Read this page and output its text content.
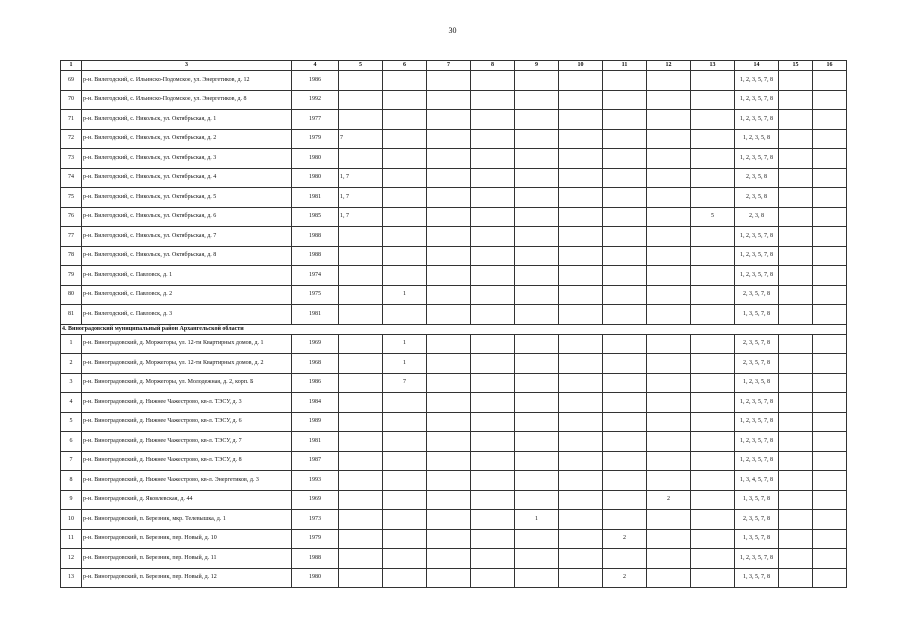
30
1	3	4	5	6	7	8	9	10	11	12	13	14	15	16
69	р-н. Вилегодский, с. Ильинско-Подомское, ул. Энергетиков, д. 12	1986										1, 2, 3, 5, 7, 8		
70	р-н. Вилегодский, с. Ильинско-Подомское, ул. Энергетиков, д. 8	1992										1, 2, 3, 5, 7, 8		
71	р-н. Вилегодский, с. Никольск, ул. Октябрьская, д. 1	1977										1, 2, 3, 5, 7, 8		
72	р-н. Вилегодский, с. Никольск, ул. Октябрьская, д. 2	1979	7									1, 2, 3, 5, 8		
73	р-н. Вилегодский, с. Никольск, ул. Октябрьская, д. 3	1980										1, 2, 3, 5, 7, 8		
74	р-н. Вилегодский, с. Никольск, ул. Октябрьская, д. 4	1980	1, 7									2, 3, 5, 8		
75	р-н. Вилегодский, с. Никольск, ул. Октябрьская, д. 5	1981	1, 7									2, 3, 5, 8		
76	р-н. Вилегодский, с. Никольск, ул. Октябрьская, д. 6	1985	1, 7								5	2, 3, 8		
77	р-н. Вилегодский, с. Никольск, ул. Октябрьская, д. 7	1988										1, 2, 3, 5, 7, 8		
78	р-н. Вилегодский, с. Никольск, ул. Октябрьская, д. 8	1988										1, 2, 3, 5, 7, 8		
79	р-н. Вилегодский, с. Павловск, д. 1	1974										1, 2, 3, 5, 7, 8		
80	р-н. Вилегодский, с. Павловск, д. 2	1975		1								2, 3, 5, 7, 8		
81	р-н. Вилегодский, с. Павловск, д. 3	1981										1, 3, 5, 7, 8		
4. Виноградовский муниципальный район Архангельской области														
1	р-н. Виноградовский, д. Моржегоры, ул. 12-ти Квартирных домов, д. 1	1969		1								2, 3, 5, 7, 8		
2	р-н. Виноградовский, д. Моржегоры, ул. 12-ти Квартирных домов, д. 2	1968		1								2, 3, 5, 7, 8		
3	р-н. Виноградовский, д. Моржегоры, ул. Молодежная, д. 2, корп. Б	1986		7								1, 2, 3, 5, 8		
4	р-н. Виноградовский, д. Нижнее Чажестрово, кв-л. ТЭСУ, д. 3	1984										1, 2, 3, 5, 7, 8		
5	р-н. Виноградовский, д. Нижнее Чажестрово, кв-л. ТЭСУ, д. 6	1989										1, 2, 3, 5, 7, 8		
6	р-н. Виноградовский, д. Нижнее Чажестрово, кв-л. ТЭСУ, д. 7	1981										1, 2, 3, 5, 7, 8		
7	р-н. Виноградовский, д. Нижнее Чажестрово, кв-л. ТЭСУ, д. 8	1987										1, 2, 3, 5, 7, 8		
8	р-н. Виноградовский, д. Нижнее Чажестрово, кв-л. Энергетиков, д. 3	1993										1, 3, 4, 5, 7, 8		
9	р-н. Виноградовский, д. Яковлевская, д. 44	1969								2		1, 3, 5, 7, 8		
10	р-н. Виноградовский, п. Березник, мкр. Телевышка, д. 1	1973					1					2, 3, 5, 7, 8		
11	р-н. Виноградовский, п. Березник, пер. Новый, д. 10	1979							2			1, 3, 5, 7, 8		
12	р-н. Виноградовский, п. Березник, пер. Новый, д. 11	1988										1, 2, 3, 5, 7, 8		
13	р-н. Виноградовский, п. Березник, пер. Новый, д. 12	1980							2			1, 3, 5, 7, 8		
